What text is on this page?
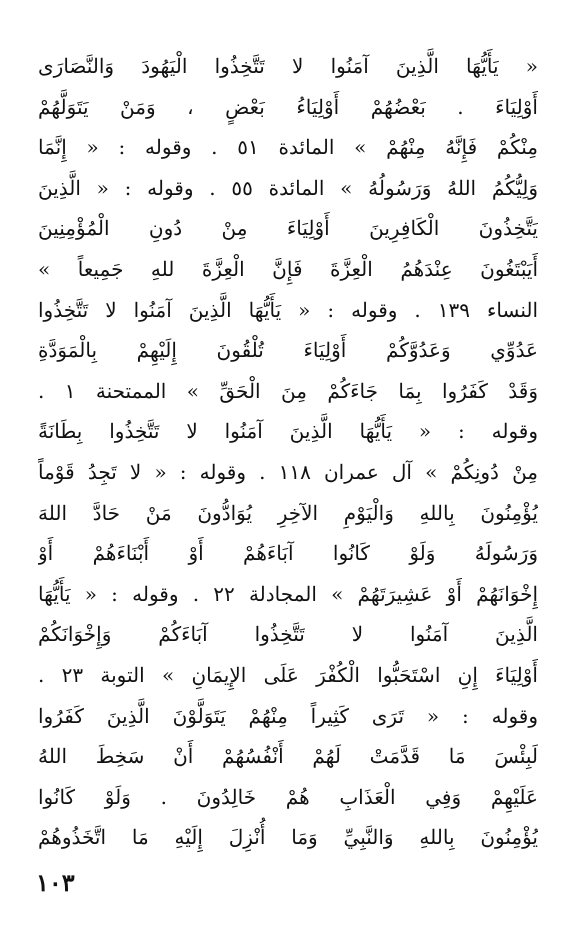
« يَأَيُّهَا الَّذِينَ آمَنُوا لا تَتَّخِذُوا الْيَهُودَ وَالنَّصَارَى
أَوْلِيَاءَ . بَعْضُهُمْ أَوْلِيَاءُ بَعْضٍ ، وَمَنْ يَتَوَلَّهُمْ
مِنْكُمْ فَإِنَّهُ مِنْهُمْ » المائدة ٥١ . وقوله : « إِنَّمَا
وَلِيُّكُمُ اللهُ وَرَسُولُهُ » المائدة ٥٥ . وقوله : « الَّذِينَ
يَتَّخِذُونَ الْكَافِرِينَ أَوْلِيَاءَ مِنْ دُونِ الْمُؤْمِنِينَ
أَيَبْتَغُونَ عِنْدَهُمُ الْعِزَّةَ فَإِنَّ الْعِزَّةَ للهِ جَمِيعاً »
النساء ١٣٩ . وقوله : « يَأَيُّهَا الَّذِينَ آمَنُوا لا تَتَّخِذُوا
عَدُوِّي وَعَدُوَّكُمْ أَوْلِيَاءَ تُلْقُونَ إِلَيْهِمْ بِالْمَوَدَّةِ
وَقَدْ كَفَرُوا بِمَا جَاءَكُمْ مِنَ الْحَقِّ » الممتحنة ١ .
وقوله : « يَأَيُّهَا الَّذِينَ آمَنُوا لا تَتَّخِذُوا بِطَانَةً
مِنْ دُونِكُمْ » آل عمران ١١٨ . وقوله : « لا تَجِدُ قَوْماً
يُؤْمِنُونَ بِاللهِ وَالْيَوْمِ الآخِرِ يُوَادُّونَ مَنْ حَادَّ اللهَ
وَرَسُولَهُ وَلَوْ كَانُوا آبَاءَهُمْ أَوْ أَبْنَاءَهُمْ أَوْ
إِخْوَانَهُمْ أَوْ عَشِيرَتَهُمْ » المجادلة ٢٢ . وقوله : « يَأَيُّهَا
الَّذِينَ آمَنُوا لا تَتَّخِذُوا آبَاءَكُمْ وَإِخْوَانَكُمْ
أَوْلِيَاءَ إِنِ اسْتَحَبُّوا الْكُفْرَ عَلَى الإِيمَانِ » التوبة ٢٣ .
وقوله : « تَرَى كَثِيراً مِنْهُمْ يَتَوَلَّوْنَ الَّذِينَ كَفَرُوا
لَبِئْسَ مَا قَدَّمَتْ لَهُمْ أَنْفُسُهُمْ أَنْ سَخِطَ اللهُ
عَلَيْهِمْ وَفِي الْعَذَابِ هُمْ خَالِدُونَ . وَلَوْ كَانُوا
يُؤْمِنُونَ بِاللهِ وَالنَّبِيِّ وَمَا أُنْزِلَ إِلَيْهِ مَا اتَّخَذُوهُمْ
١٠٣
